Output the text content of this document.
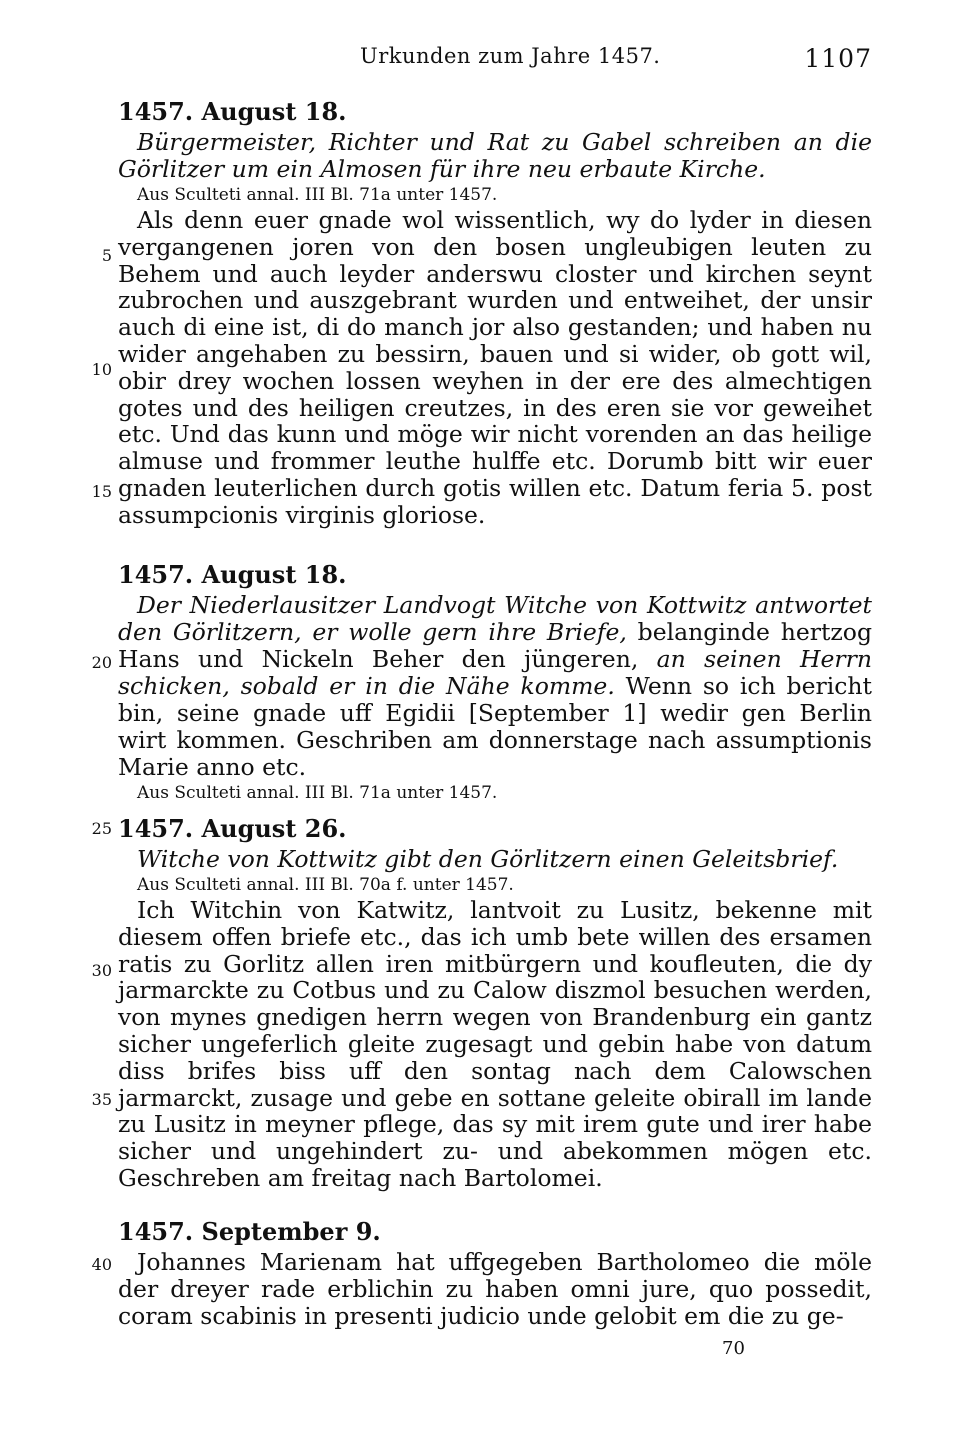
Urkunden zum Jahre 1457.	1107
1457. August 18.
Bürgermeister, Richter und Rat zu Gabel schreiben an die Görlitzer um ein Almosen für ihre neu erbaute Kirche.
Aus Sculteti annal. III Bl. 71a unter 1457.
Als denn euer gnade wol wissentlich, wy do lyder in diesen vergangenen joren von den bosen ungleubigen leuten zu Behem und auch leyder anderswu closter und kirchen seynt zubrochen und auszgebrant wurden und entweihet, der unsir auch di eine ist, di do manch jor also gestanden; und haben nu wider angehaben zu bessirn, bauen und si wider, ob gott wil, obir drey wochen lossen weyhen in der ere des almechtigen gotes und des heiligen creutzes, in des eren sie vor geweihet etc. Und das kunn und möge wir nicht vorenden an das heilige almuse und frommer leuthe hulffe etc. Dorumb bitt wir euer gnaden leuterlichen durch gotis willen etc. Datum feria 5. post assumpcionis virginis gloriose.
1457. August 18.
Der Niederlausitzer Landvogt Witche von Kottwitz antwortet den Görlitzern, er wolle gern ihre Briefe, belanginde hertzog Hans und Nickeln Beher den jüngeren, an seinen Herrn schicken, sobald er in die Nähe komme. Wenn so ich bericht bin, seine gnade uff Egidii [September 1] wedir gen Berlin wirt kommen. Geschriben am donnerstage nach assumptionis Marie anno etc.
Aus Sculteti annal. III Bl. 71a unter 1457.
1457. August 26.
Witche von Kottwitz gibt den Görlitzern einen Geleitsbrief.
Aus Sculteti annal. III Bl. 70a f. unter 1457.
Ich Witchin von Katwitz, lantvoit zu Lusitz, bekenne mit diesem offen briefe etc., das ich umb bete willen des ersamen ratis zu Gorlitz allen iren mitbürgern und koufleuten, die dy jarmarckte zu Cotbus und zu Calow diszmol besuchen werden, von mynes gnedigen herrn wegen von Brandenburg ein gantz sicher ungeferlich gleite zugesagt und gebin habe von datum diss brifes biss uff den sontag nach dem Calowschen jarmarckt, zusage und gebe en sottane geleite obirall im lande zu Lusitz in meyner pflege, das sy mit irem gute und irer habe sicher und ungehindert zu- und abekommen mögen etc. Geschreben am freitag nach Bartolomei.
1457. September 9.
Johannes Marienam hat uffgegeben Bartholomeo die möle der dreyer rade erblichin zu haben omni jure, quo possedit, coram scabinis in presenti judicio unde gelobit em die zu ge-
5
10
15
20
25
30
35
40
70
